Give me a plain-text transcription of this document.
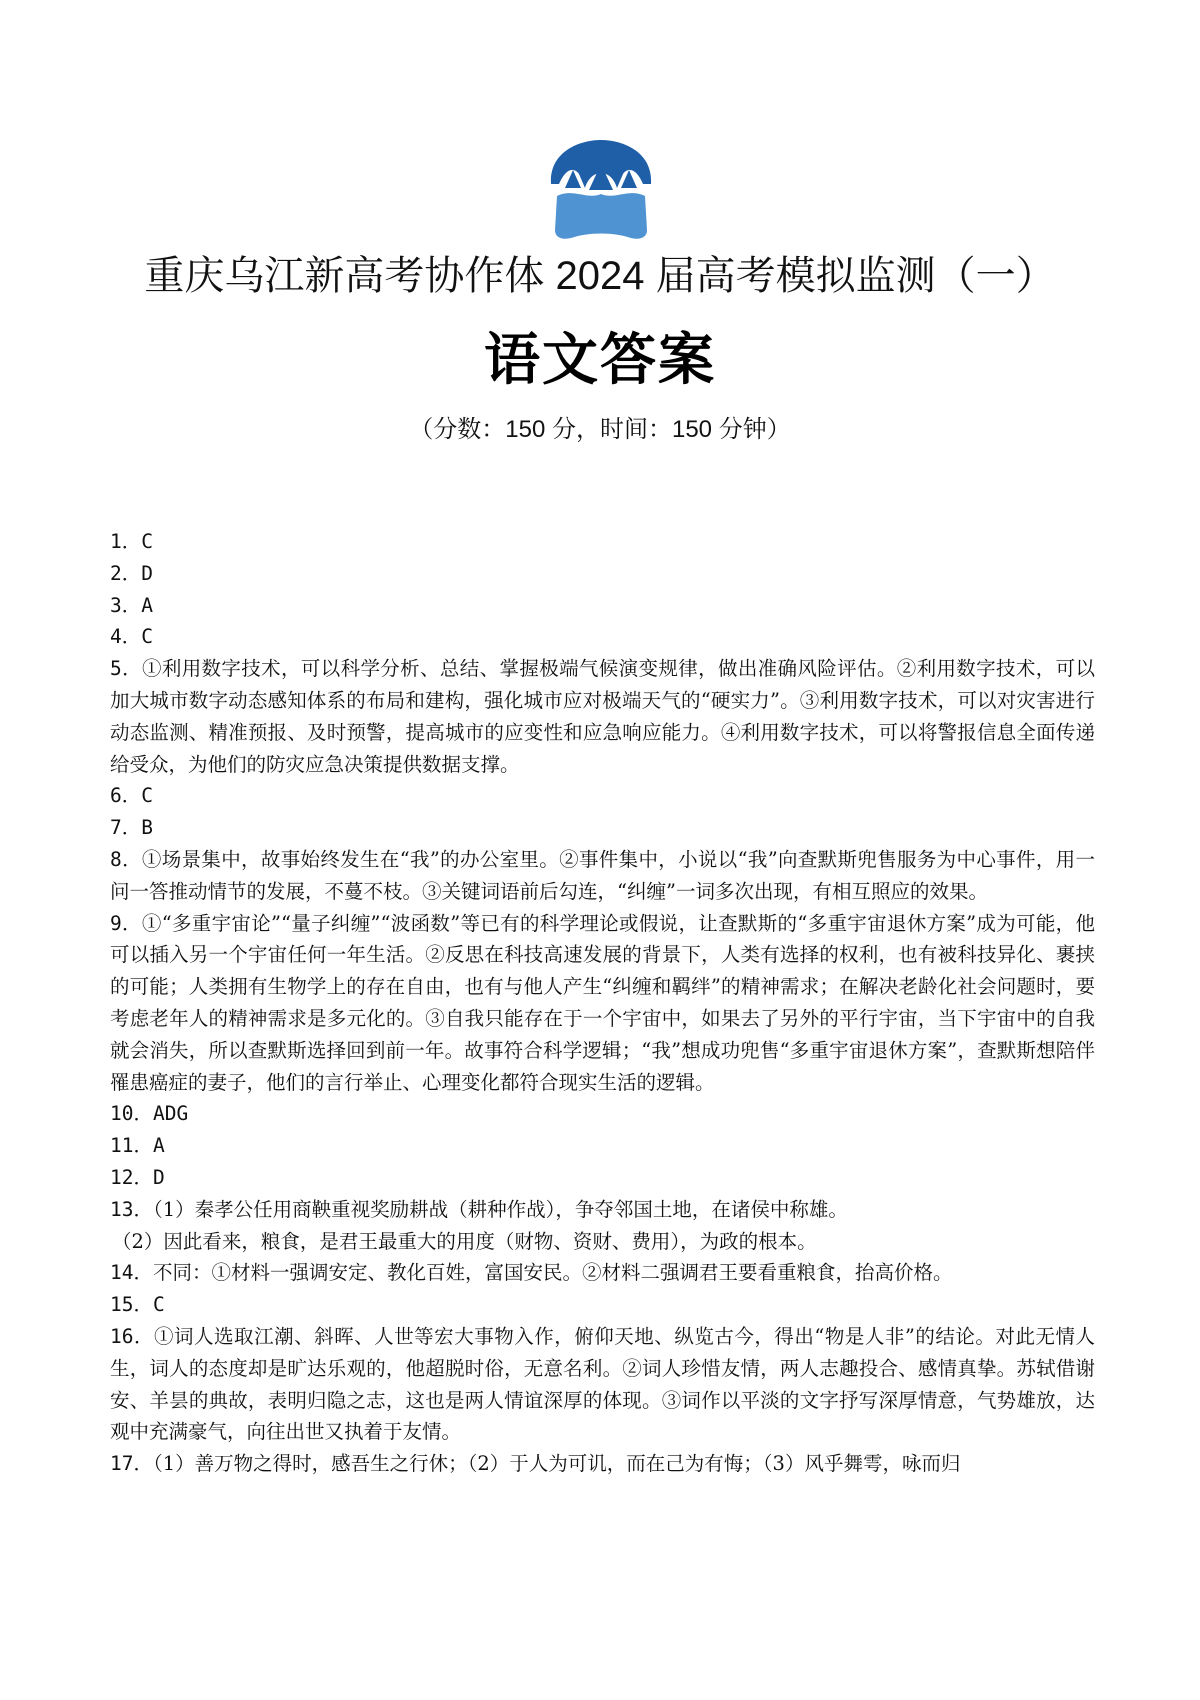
重庆乌江新高考协作体 2024 届高考模拟监测（一）
语文答案
（分数：150 分，时间：150 分钟）

1．C

2．D

3．A

4．C

5．①利用数字技术，可以科学分析、总结、掌握极端气候演变规律，做出准确风险评估。②利用数字技术，可以加大城市数字动态感知体系的布局和建构，强化城市应对极端天气的“硬实力”。③利用数字技术，可以对灾害进行动态监测、精准预报、及时预警，提高城市的应变性和应急响应能力。④利用数字技术，可以将警报信息全面传递给受众，为他们的防灾应急决策提供数据支撑。

6．C

7．B

8．①场景集中，故事始终发生在“我”的办公室里。②事件集中，小说以“我”向查默斯兜售服务为中心事件，用一问一答推动情节的发展，不蔓不枝。③关键词语前后勾连，“纠缠”一词多次出现，有相互照应的效果。

9．①“多重宇宙论”“量子纠缠”“波函数”等已有的科学理论或假说，让查默斯的“多重宇宙退休方案”成为可能，他可以插入另一个宇宙任何一年生活。②反思在科技高速发展的背景下，人类有选择的权利，也有被科技异化、裹挟的可能；人类拥有生物学上的存在自由，也有与他人产生“纠缠和羁绊”的精神需求；在解决老龄化社会问题时，要考虑老年人的精神需求是多元化的。③自我只能存在于一个宇宙中，如果去了另外的平行宇宙，当下宇宙中的自我就会消失，所以查默斯选择回到前一年。故事符合科学逻辑；“我”想成功兜售“多重宇宙退休方案”，查默斯想陪伴罹患癌症的妻子，他们的言行举止、心理变化都符合现实生活的逻辑。

10．ADG

11．A

12．D

13．（1）秦孝公任用商鞅重视奖励耕战（耕种作战），争夺邻国土地，在诸侯中称雄。

（2）因此看来，粮食，是君王最重大的用度（财物、资财、费用），为政的根本。

14．不同：①材料一强调安定、教化百姓，富国安民。②材料二强调君王要看重粮食，抬高价格。

15．C

16．①词人选取江潮、斜晖、人世等宏大事物入作，俯仰天地、纵览古今，得出“物是人非”的结论。对此无情人生，词人的态度却是旷达乐观的，他超脱时俗，无意名利。②词人珍惜友情，两人志趣投合、感情真挚。苏轼借谢安、羊昙的典故，表明归隐之志，这也是两人情谊深厚的体现。③词作以平淡的文字抒写深厚情意，气势雄放，达观中充满豪气，向往出世又执着于友情。

17．（1）善万物之得时，感吾生之行休；（2）于人为可讥，而在己为有悔；（3）风乎舞雩，咏而归
